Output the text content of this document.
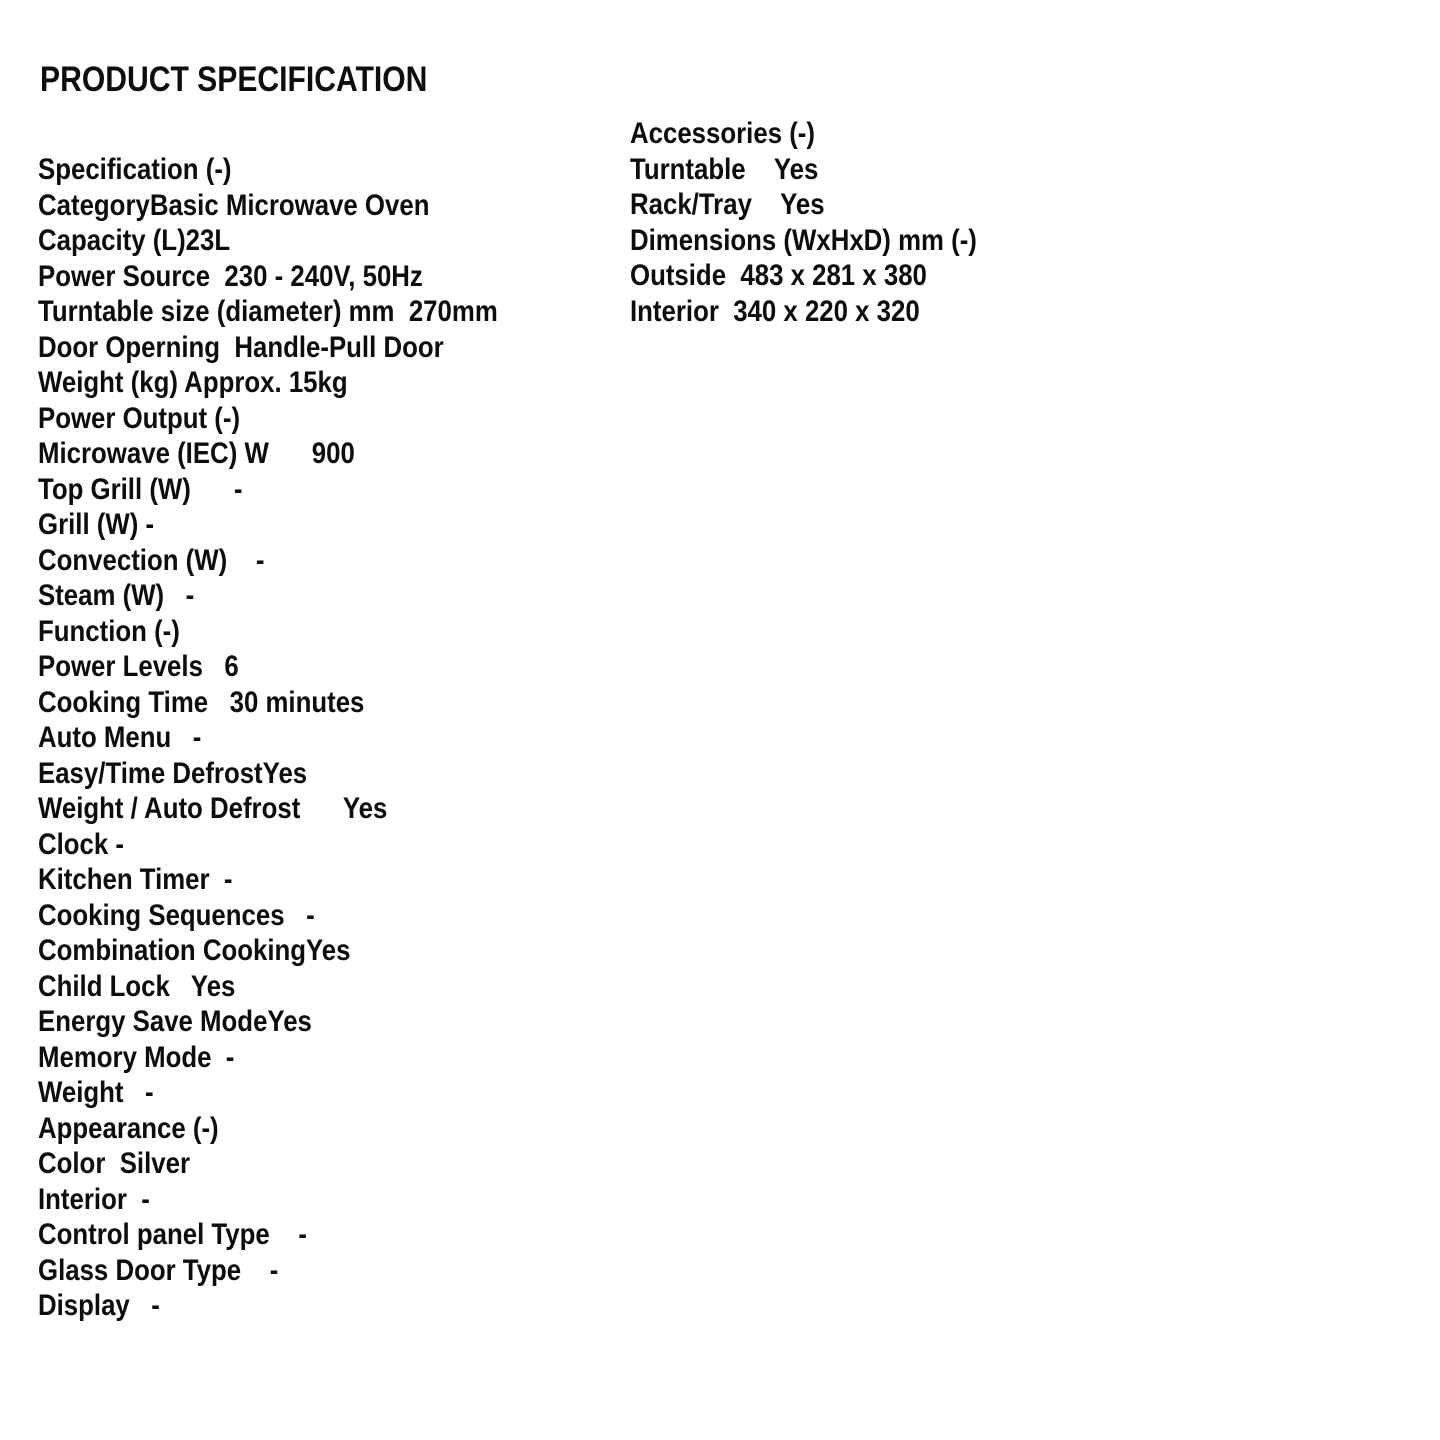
PRODUCT SPECIFICATION
Specification (-)
CategoryBasic Microwave Oven
Capacity (L)23L
Power Source  230 - 240V, 50Hz
Turntable size (diameter) mm  270mm
Door Operning  Handle-Pull Door
Weight (kg) Approx. 15kg
Power Output (-)
Microwave (IEC) W      900
Top Grill (W)      -
Grill (W) -
Convection (W)    -
Steam (W)   -
Function (-)
Power Levels   6
Cooking Time   30 minutes
Auto Menu   -
Easy/Time DefrostYes
Weight / Auto Defrost      Yes
Clock -
Kitchen Timer  -
Cooking Sequences   -
Combination CookingYes
Child Lock   Yes
Energy Save ModeYes
Memory Mode  -
Weight   -
Appearance (-)
Color  Silver
Interior  -
Control panel Type    -
Glass Door Type    -
Display   -
Accessories (-)
Turntable    Yes
Rack/Tray    Yes
Dimensions (WxHxD) mm (-)
Outside  483 x 281 x 380
Interior  340 x 220 x 320
